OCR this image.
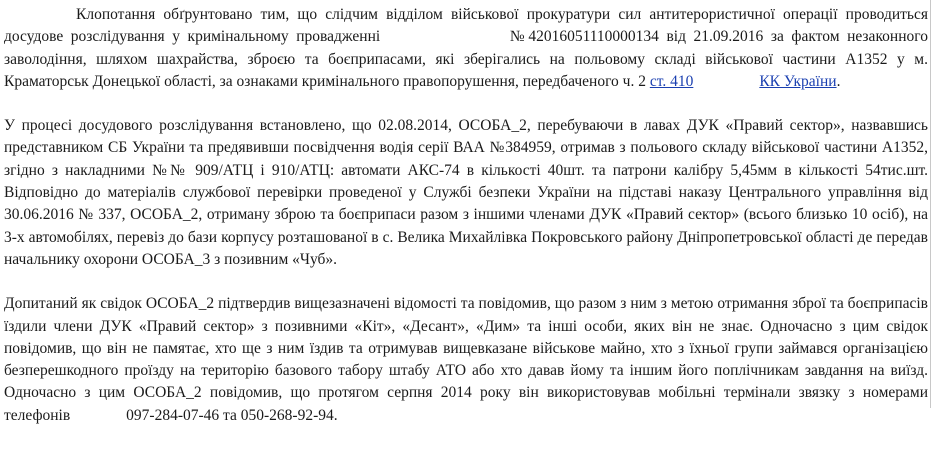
Клопотання обґрунтовано тим, що слідчим відділом військової прокуратури сил антитерористичної операції проводиться досудове розслідування у кримінальному провадженні	№42016051110000134 від 21.09.2016 за фактом незаконного заволодіння, шляхом шахрайства, зброєю та боєприпасами, які зберігались на польовому складі військової частини А1352 у м. Краматорськ Донецької області, за ознаками кримінального правопорушення, передбаченого ч. 2 ст. 410	КК України.

У процесі досудового розслідування встановлено, що 02.08.2014, ОСОБА_2, перебуваючи в лавах ДУК «Правий сектор», назвавшись представником СБ України та предявивши посвідчення водія серії ВАА №384959, отримав з польового складу військової частини А1352, згідно з накладними №№ 909/АТЦ і 910/АТЦ: автомати АКС-74 в кількості 40шт. та патрони калібру 5,45мм в кількості 54тис.шт. Відповідно до матеріалів службової перевірки проведеної у Службі безпеки України на підставі наказу Центрального управління від 30.06.2016 № 337, ОСОБА_2, отриману зброю та боєприпаси разом з іншими членами ДУК «Правий сектор» (всього близько 10 осіб), на 3-х автомобілях, перевіз до бази корпусу розташованої в с. Велика Михайлівка Покровського району Дніпропетровської області де передав начальнику охорони ОСОБА_3 з позивним «Чуб».

Допитаний як свідок ОСОБА_2 підтвердив вищезазначені відомості та повідомив, що разом з ним з метою отримання зброї та боєприпасів їздили члени ДУК «Правий сектор» з позивними «Кіт», «Десант», «Дим» та інші особи, яких він не знає. Одночасно з цим свідок повідомив, що він не памятає, хто ще з ним їздив та отримував вищевказане військове майно, хто з їхньої групи займався організацією безперешкодного проїзду на територію базового табору штабу АТО або хто давав йому та іншим його поплічникам завдання на виїзд. Одночасно з цим ОСОБА_2 повідомив, що протягом серпня 2014 року він використовував мобільні термінали звязку з номерами телефонів	097-284-07-46 та 050-268-92-94.
